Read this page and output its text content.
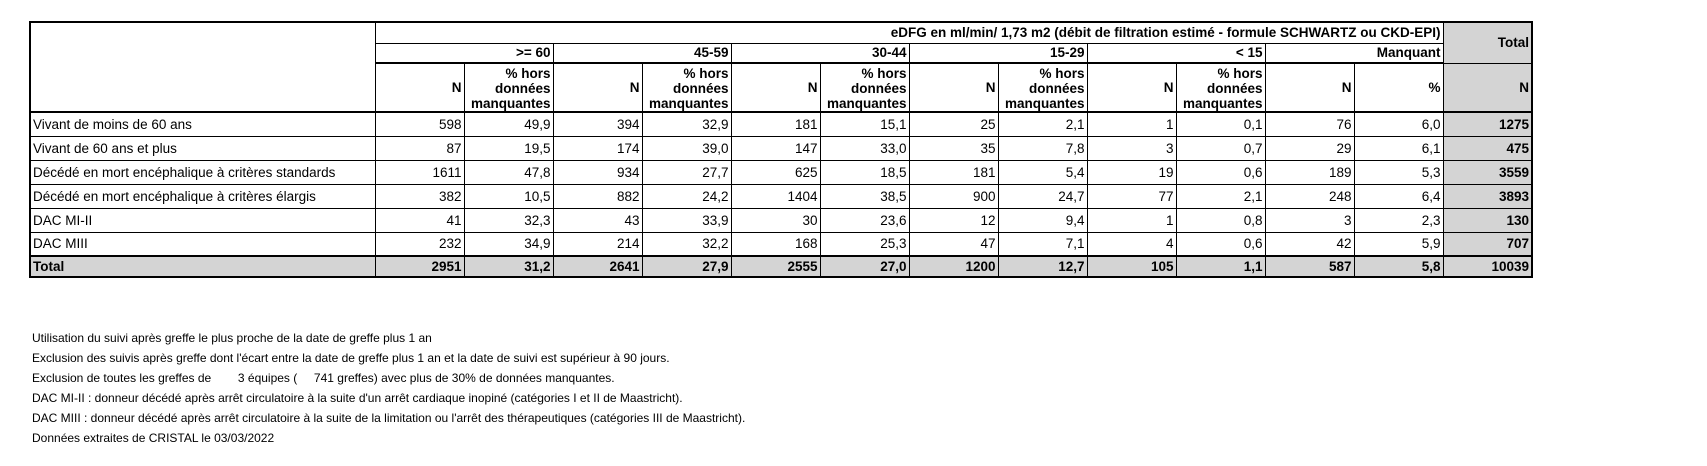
	eDFG en ml/min/ 1,73 m2 (débit de filtration estimé - formule SCHWARTZ ou CKD-EPI)												Total
	>= 60		45-59		30-44		15-29		< 15		Manquant		
	N	% hors données manquantes	N	% hors données manquantes	N	% hors données manquantes	N	% hors données manquantes	N	% hors données manquantes	N	%	N
Vivant de moins de 60 ans	598	49,9	394	32,9	181	15,1	25	2,1	1	0,1	76	6,0	1275
Vivant de 60 ans et plus	87	19,5	174	39,0	147	33,0	35	7,8	3	0,7	29	6,1	475
Décédé en mort encéphalique à critères standards	1611	47,8	934	27,7	625	18,5	181	5,4	19	0,6	189	5,3	3559
Décédé en mort encéphalique à critères élargis	382	10,5	882	24,2	1404	38,5	900	24,7	77	2,1	248	6,4	3893
DAC MI-II	41	32,3	43	33,9	30	23,6	12	9,4	1	0,8	3	2,3	130
DAC MIII	232	34,9	214	32,2	168	25,3	47	7,1	4	0,6	42	5,9	707
Total	2951	31,2	2641	27,9	2555	27,0	1200	12,7	105	1,1	587	5,8	10039
Utilisation du suivi après greffe le plus proche de la date de greffe plus 1 an
Exclusion des suivis après greffe dont l'écart entre la date de greffe plus 1 an et la date de suivi est supérieur à 90 jours.
Exclusion de toutes les greffes de        3 équipes (     741 greffes) avec plus de 30% de données manquantes.
DAC MI-II : donneur décédé après arrêt circulatoire à la suite d'un arrêt cardiaque inopiné (catégories I et II de Maastricht).
DAC MIII : donneur décédé après arrêt circulatoire à la suite de la limitation ou l'arrêt des thérapeutiques (catégories III de Maastricht).
Données extraites de CRISTAL le 03/03/2022
